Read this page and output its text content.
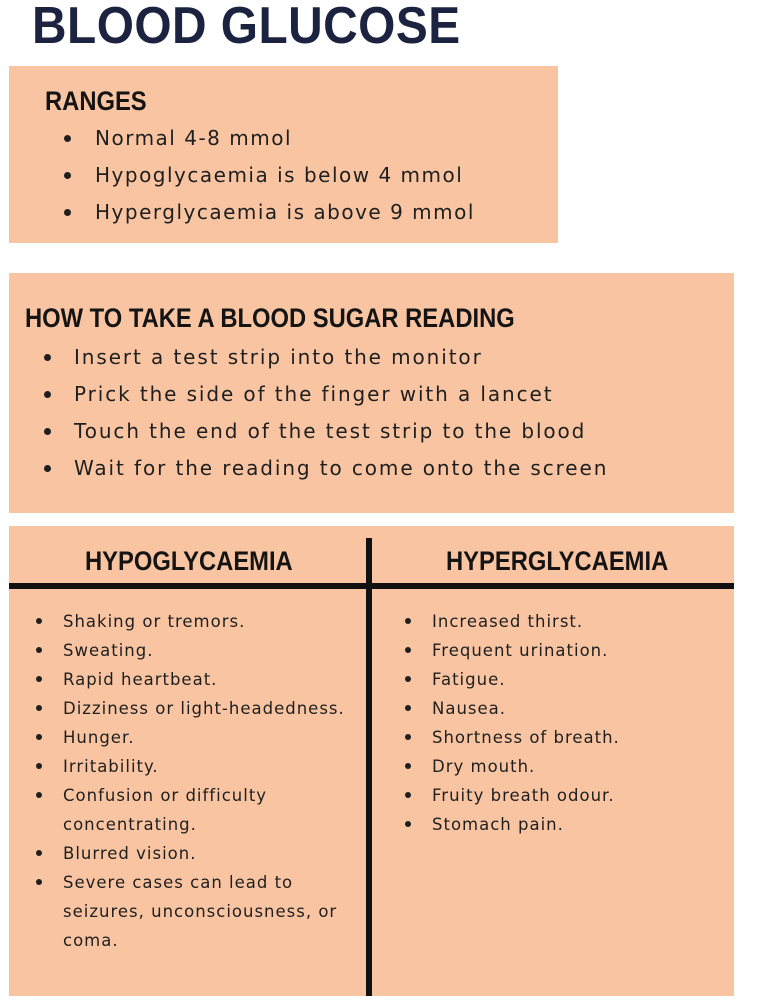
BLOOD GLUCOSE
RANGES
Normal 4-8 mmol
Hypoglycaemia is below 4 mmol
Hyperglycaemia is above 9 mmol
HOW TO TAKE A BLOOD SUGAR READING
Insert a test strip into the monitor
Prick the side of the finger with a lancet
Touch the end of the test strip to the blood
Wait for the reading to come onto the screen
HYPOGLYCAEMIA	HYPERGLYCAEMIA
Shaking or tremors.
Sweating.
Rapid heartbeat.
Dizziness or light-headedness.
Hunger.
Irritability.
Confusion or difficulty
concentrating.
Blurred vision.
Severe cases can lead to
seizures, unconsciousness, or
coma.
Increased thirst.
Frequent urination.
Fatigue.
Nausea.
Shortness of breath.
Dry mouth.
Fruity breath odour.
Stomach pain.
